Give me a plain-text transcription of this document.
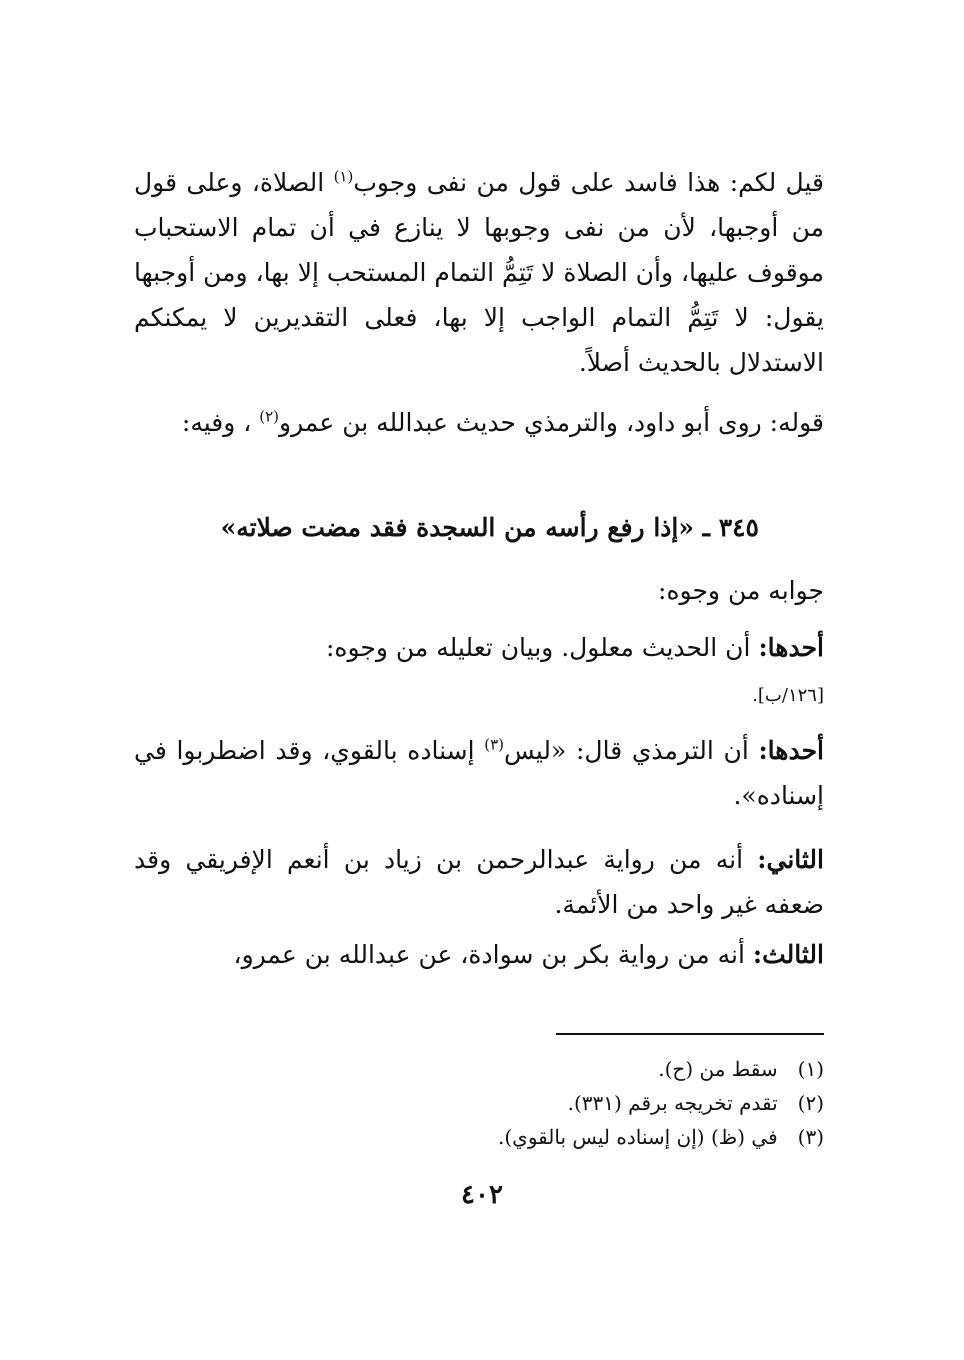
قيل لكم: هذا فاسد على قول من نفى وجوب$^{(١)}$ الصلاة، وعلى قول من أوجبها، لأن من نفى وجوبها لا ينازع في أن تمام الاستحباب موقوف عليها، وأن الصلاة لا تَتِمُّ التمام المستحب إلا بها، ومن أوجبها يقول: لا تَتِمُّ التمام الواجب إلا بها، فعلى التقديرين لا يمكنكم الاستدلال بالحديث أصلاً.

قوله: روى أبو داود، والترمذي حديث عبدالله بن عمرو$^{(٢)}$ ، وفيه:

٣٤٥ ـ «إذا رفع رأسه من السجدة فقد مضت صلاته»

جوابه من وجوه:

أحدها: أن الحديث معلول. وبيان تعليله من وجوه:
[١٢٦/ب].

أحدها: أن الترمذي قال: «ليس$^{(٣)}$ إسناده بالقوي، وقد اضطربوا في إسناده».

الثاني: أنه من رواية عبدالرحمن بن زياد بن أنعم الإفريقي وقد ضعفه غير واحد من الأئمة.

الثالث: أنه من رواية بكر بن سوادة، عن عبدالله بن عمرو،

(١) سقط من (ح).
(٢) تقدم تخريجه برقم (٣٣١).
(٣) في (ظ) (إن إسناده ليس بالقوي).
٤٠٢
